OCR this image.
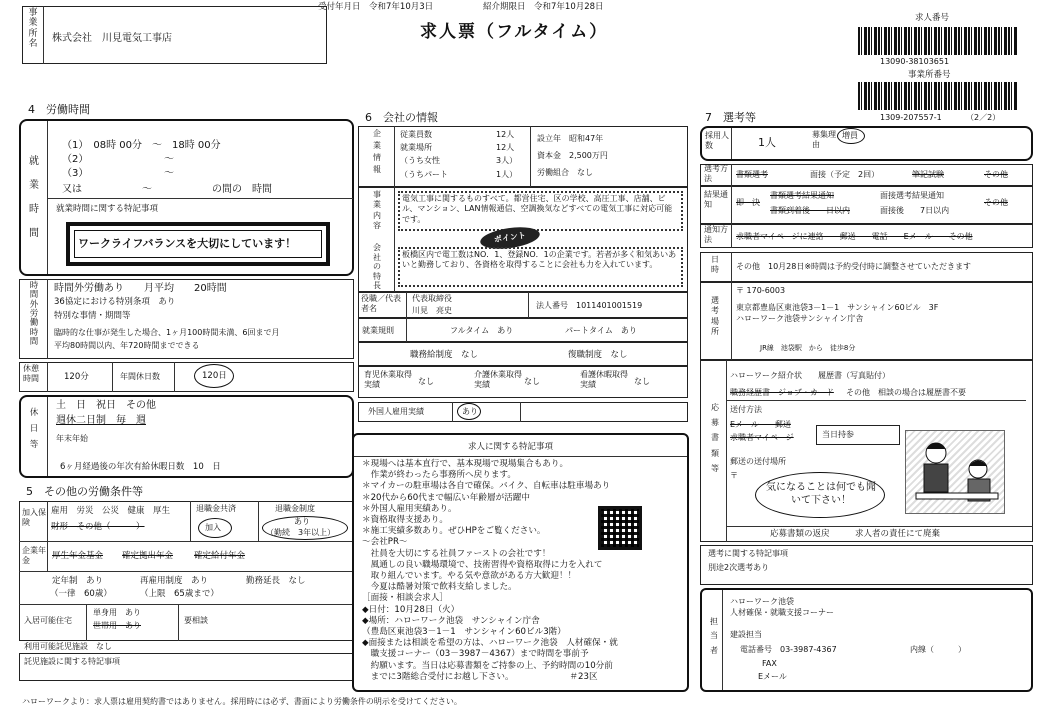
受付年月日　令和7年10月3日	紹介期限日　令和7年10月28日
求人票（フルタイム）
事業所名
株式会社　川見電気工事店
求人番号
13090-38103651
事業所番号
1309-207557-1	（2／2）
4　労働時間
就業時間
（1）　08時 00分　～　18時 00分
（2）	～
（3）	～
又は	～	の間の　時間
就業時間に関する特記事項
ワークライフバランスを大切にしています！
時間外労働時間
時間外労働あり　　月平均　　20時間
36協定における特別条項　あり
特別な事情・期間等
臨時的な仕事が発生した場合、1ヶ月100時間未満、6回まで月
平均80時間以内、年720時間までできる
休憩時間	120分	年間休日数	120日
休日等
土　日　祝日　その他
週休二日制　毎　週
年末年始
6ヶ月経過後の年次有給休暇日数　10　日
5　その他の労働条件等
加入保険
雇用　労災　公災　健康　厚生
財形　その他（　　　）
退職金共済
加入
退職金制度
あり
（勤続　3年以上）
企業年金	厚生年金基金 確定拠出年金 確定給付年金
定年制　あり
（一律　60歳）
再雇用制度　あり
（上限　65歳まで）
勤務延長　なし
入居可能住宅
単身用　あり
世帯用　あり
要相談
利用可能託児施設　なし
託児施設に関する特記事項
6　会社の情報
企業情報
従業員数	12人
就業場所	12人
（うち女性	3人）
（うちパート	1人）
設立年　昭和47年
資本金　2,500万円
労働組合　なし
事業内容
電気工事に関するものすべて。都営住宅、区の学校、高圧工事、店舗、ビル、マンション、LAN情報通信、空調換気などすべての電気工事に対応可能です。
ポイント
会社の特長
板橋区内で電工数はNO．1、登録NO．1の企業です。若者が多く和気あいあいと勤務しており、各資格を取得することに会社も力を入れています。
役職／代表者名
代表取締役
川見　亮史
法人番号　1011401001519
就業規則	フルタイム　あり	パートタイム　あり
職務給制度　なし	復職制度　なし
育児休業取得実績	なし
介護休業取得実績	なし
看護休暇取得実績	なし
外国人雇用実績	あり
求人に関する特記事項
＊現場へは基本直行で、基本現場で現場集合もあり。
　作業が終わったら事務所へ戻ります。
＊マイカーの駐車場は各自で確保。バイク、自転車は駐車場あり
＊20代から60代まで幅広い年齢層が活躍中
＊外国人雇用実績あり。
＊資格取得支援あり。
＊施工実績多数あり。ぜひHPをご覧ください。
～会社PR～
　社員を大切にする社員ファーストの会社です！
　風通しの良い職場環境で、技術習得や資格取得に力を入れて
　取り組んでいます。やる気や意欲がある方大歓迎！！
　今夏は酷暑対策で飲料支給しました。
［面接・相談会求人］
◆日付：10月28日（火）
◆場所：ハローワーク池袋　サンシャイン庁舎
（豊島区東池袋3－1－1　サンシャイン60ビル3階）
◆面接または相談を希望の方は、ハローワーク池袋　人材確保・就
　職支援コーナー（03－3987－4367）まで時間を事前予
　約願います。当日は応募書類をご持参の上、予約時間の10分前
　までに3階総合受付にお越し下さい。　　　　　　　＃23区
7　選考等
採用人数	1人
募集理由
増員
選考方法	書類選考	面接（予定　2回）	筆記試験	その他
結果通知	即　決
書類選考結果通知
書類到着後　　日以内
面接選考結果通知
面接後　　7日以内
その他
通知方法	求職者マイページに連絡　　郵送　　電話　　Eメール　　その他
日時 その他　10月28日※時間は予約受付時に調整させていただきます
選考場所
〒 170-6003
東京都豊島区東池袋3－1－1　サンシャイン60ビル　3F
ハローワーク池袋サンシャイン庁舎
JR線　池袋駅　から　徒歩8分
応募書類等
ハローワーク紹介状　　履歴書（写真貼付）
職務経歴書　ジョブ・カード その他　相談の場合は履歴書不要
送付方法
Eメール　　郵送
求職者マイページ	当日持参
郵送の送付場所
〒
気になることは何でも聞いて下さい！
応募書類の返戻　　　求人者の責任にて廃棄
選考に関する特記事項
別途2次選考あり
担当者
ハローワーク池袋
人材確保・就職支援コーナー
建設担当
電話番号　03-3987-4367	内線（　　　）
FAX
Eメール
ハローワークより：求人票は雇用契約書ではありません。採用時には必ず、書面により労働条件の明示を受けてください。
